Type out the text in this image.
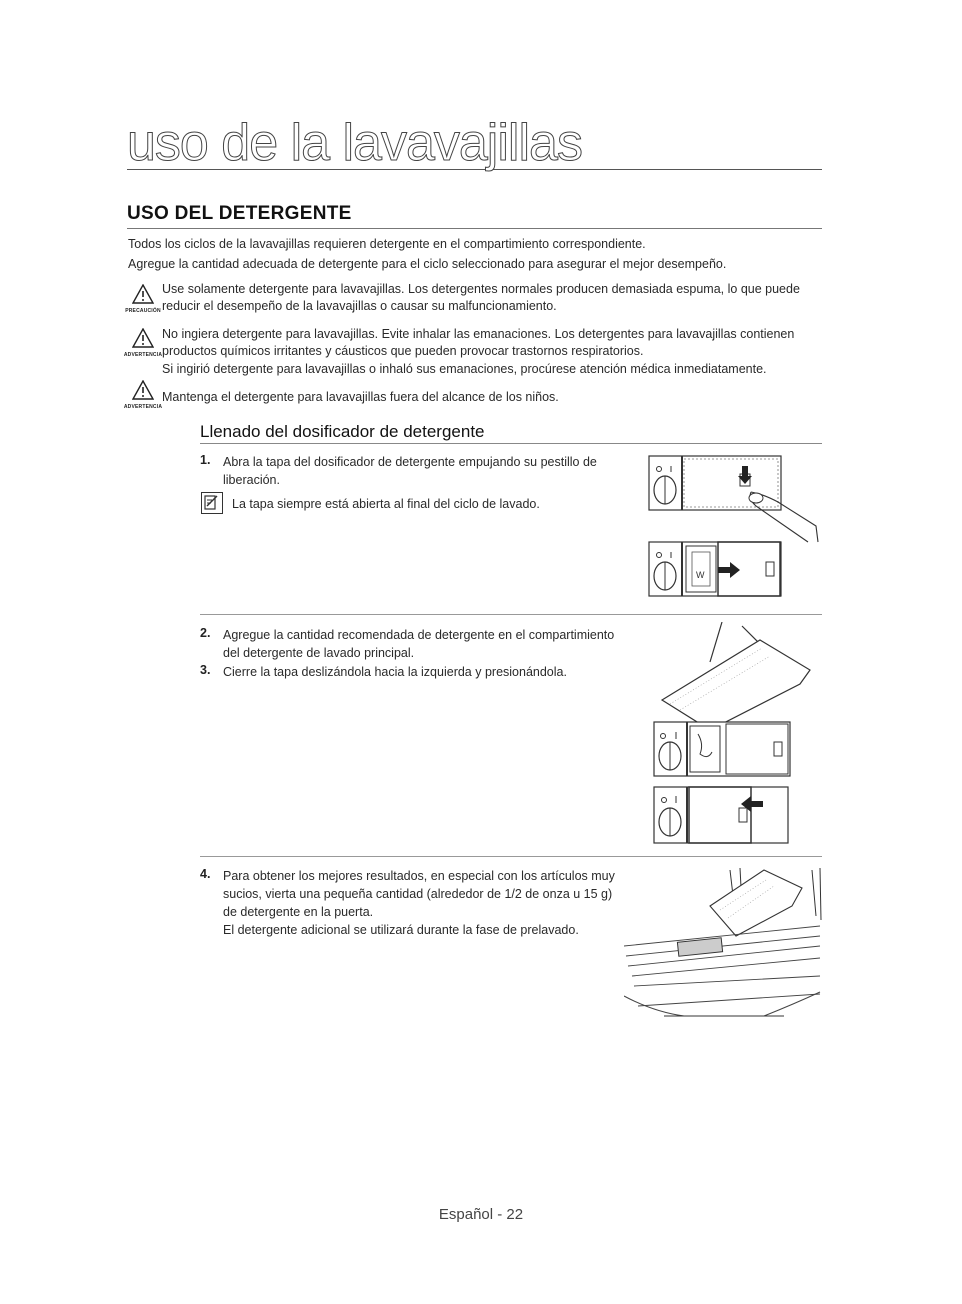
uso de la lavavajillas
USO DEL DETERGENTE
Todos los ciclos de la lavavajillas requieren detergente en el compartimiento correspondiente.
Agregue la cantidad adecuada de detergente para el ciclo seleccionado para asegurar el mejor desempeño.
PRECAUCIÓN
Use solamente detergente para lavavajillas. Los detergentes normales producen demasiada espuma, lo que puede
reducir el desempeño de la lavavajillas o causar su malfuncionamiento.
ADVERTENCIA
No ingiera detergente para lavavajillas. Evite inhalar las emanaciones. Los detergentes para lavavajillas contienen
productos químicos irritantes y cáusticos que pueden provocar trastornos respiratorios.
Si ingirió detergente para lavavajillas o inhaló sus emanaciones, procúrese atención médica inmediatamente.
ADVERTENCIA
Mantenga el detergente para lavavajillas fuera del alcance de los niños.
Llenado del dosificador de detergente
1. Abra la tapa del dosificador de detergente empujando su pestillo de
liberación.
La tapa siempre está abierta al final del ciclo de lavado.
W
2. Agregue la cantidad recomendada de detergente en el compartimiento
del detergente de lavado principal.
3. Cierre la tapa deslizándola hacia la izquierda y presionándola.
4. Para obtener los mejores resultados, en especial con los artículos muy
sucios, vierta una pequeña cantidad (alrededor de 1/2 de onza u 15 g)
de detergente en la puerta.
El detergente adicional se utilizará durante la fase de prelavado.
Español - 22
